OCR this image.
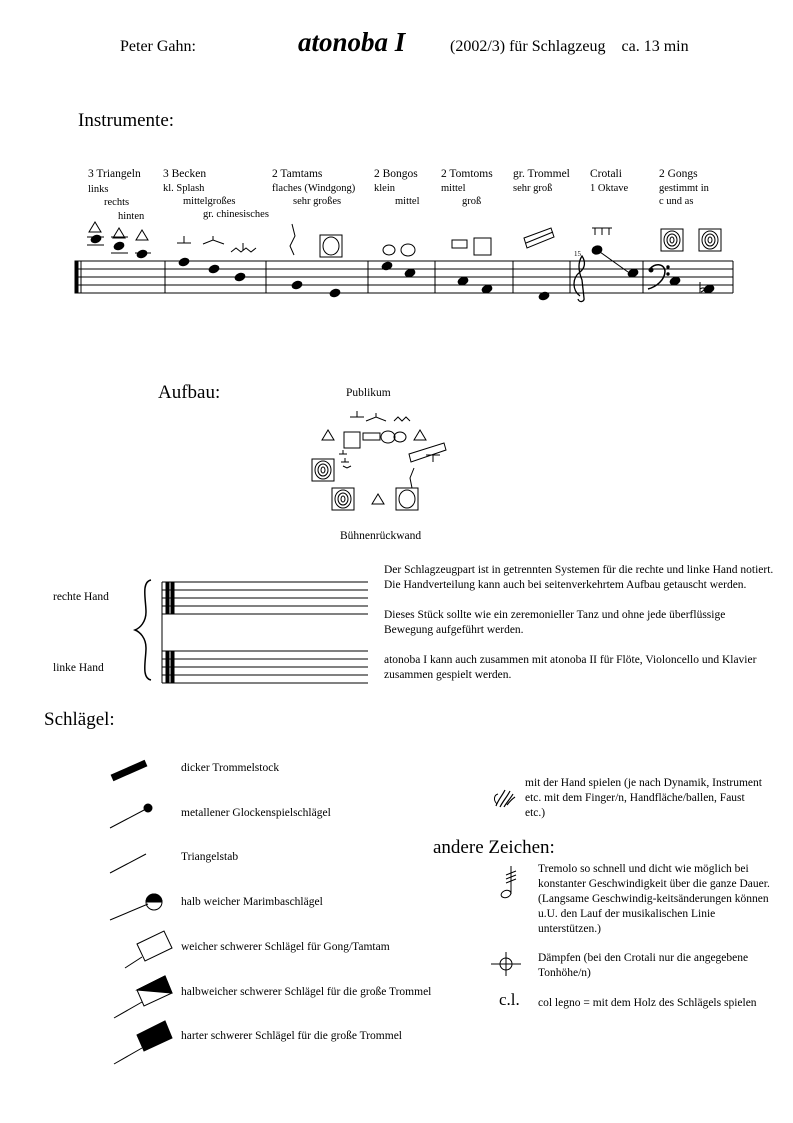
Peter Gahn:	atonoba I	(2002/3) für Schlagzeug    ca. 13 min
Instrumente:
3 Triangeln
links
rechts
hinten
3 Becken
kl. Splash
mittelgroßes
gr. chinesisches
2 Tamtams
flaches (Windgong)
sehr großes
2 Bongos
klein
mittel
2 Tomtoms
mittel
groß
gr. Trommel
sehr groß
Crotali
1 Oktave
2 Gongs
gestimmt in
c und as
15
Aufbau:	Publikum
Bühnenrückwand
rechte Hand
linke Hand

Der Schlagzeugpart ist in getrennten Systemen für die rechte und linke Hand notiert. Die Handverteilung kann auch bei seitenverkehrtem Aufbau getauscht werden.

Dieses Stück sollte wie ein zeremonieller Tanz und ohne jede überflüssige Bewegung aufgeführt werden.

atonoba I kann auch zusammen mit atonoba II für Flöte, Violoncello und Klavier zusammen gespielt werden.

Schlägel:
dicker Trommelstock
metallener Glockenspielschlägel
Triangelstab
halb weicher Marimbaschlägel
weicher schwerer Schlägel für Gong/Tamtam
halbweicher schwerer Schlägel für die große Trommel
harter schwerer Schlägel für die große Trommel
mit der Hand spielen (je nach Dynamik, Instrument etc. mit dem Finger/n, Handfläche/ballen, Faust etc.)
andere Zeichen:
Tremolo so schnell und dicht wie möglich bei konstanter Geschwindigkeit über die ganze Dauer. (Langsame Geschwindig-keitsänderungen können u.U. den Lauf der musikalischen Linie unterstützen.)
Dämpfen (bei den Crotali nur die angegebene Tonhöhe/n)
c.l. col legno = mit dem Holz des Schlägels spielen
